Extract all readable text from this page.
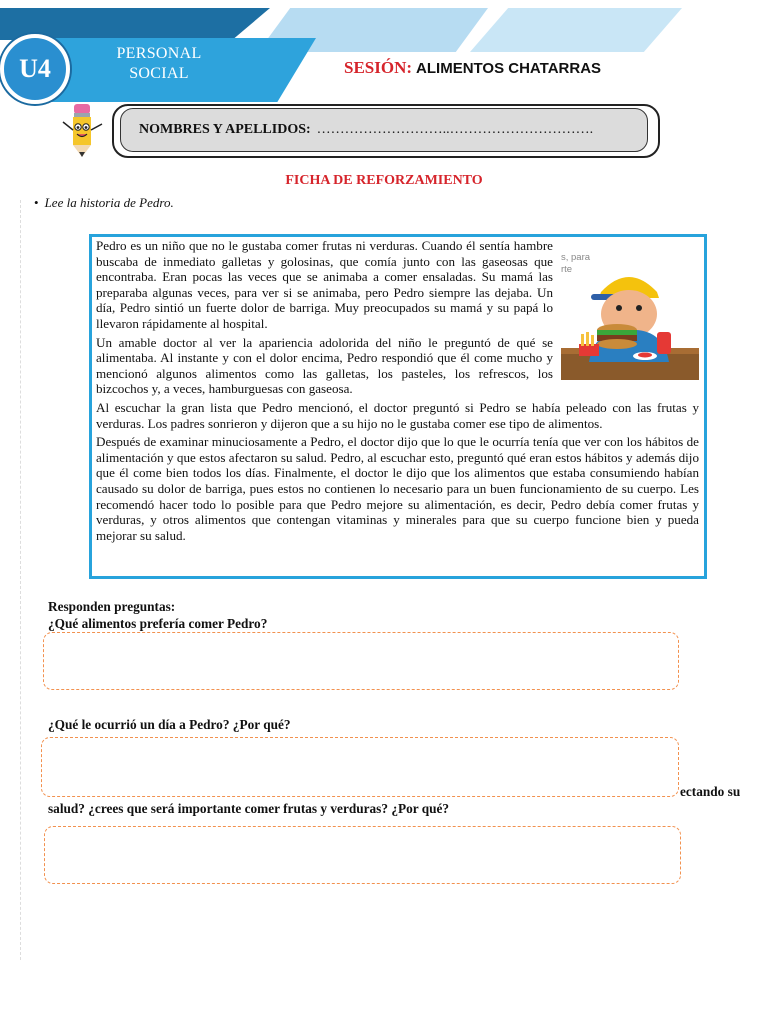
PERSONAL
SOCIAL
U4	SESIÓN: ALIMENTOS CHATARRAS
NOMBRES Y APELLIDOS: ………………………..………………………….
FICHA DE REFORZAMIENTO
• Lee la historia de Pedro.
s, para
rte

Pedro es un niño que no le gustaba comer frutas ni verduras. Cuando él sentía hambre buscaba de inmediato galletas y golosinas, que comía junto con las gaseosas que encontraba. Eran pocas las veces que se animaba a comer ensaladas. Su mamá las preparaba algunas veces, para ver si se animaba, pero Pedro siempre las dejaba. Un día, Pedro sintió un fuerte dolor de barriga. Muy preocupados su mamá y su papá lo llevaron rápidamente al hospital.

Un amable doctor al ver la apariencia adolorida del niño le preguntó de qué se alimentaba. Al instante y con el dolor encima, Pedro respondió que él come mucho y mencionó algunos alimentos como las galletas, los pasteles, los refrescos, los bizcochos y, a veces, hamburguesas con gaseosa.

Al escuchar la gran lista que Pedro mencionó, el doctor preguntó si Pedro se había peleado con las frutas y verduras. Los padres sonrieron y dijeron que a su hijo no le gustaba comer ese tipo de alimentos.

Después de examinar minuciosamente a Pedro, el doctor dijo que lo que le ocurría tenía que ver con los hábitos de alimentación y que estos afectaron su salud. Pedro, al escuchar esto, preguntó qué eran estos hábitos y además dijo que él come bien todos los días. Finalmente, el doctor le dijo que los alimentos que estaba consumiendo habían causado su dolor de barriga, pues estos no contienen lo necesario para un buen funcionamiento de su cuerpo. Les recomendó hacer todo lo posible para que Pedro mejore su alimentación, es decir, Pedro debía comer frutas y verduras, y otros alimentos que contengan vitaminas y minerales para que su cuerpo funcione bien y pueda mejorar su salud.

Responden preguntas:
¿Qué alimentos prefería comer Pedro?
¿Qué le ocurrió un día a Pedro? ¿Por qué?
ectando su
salud? ¿crees que será importante comer frutas y verduras? ¿Por qué?
